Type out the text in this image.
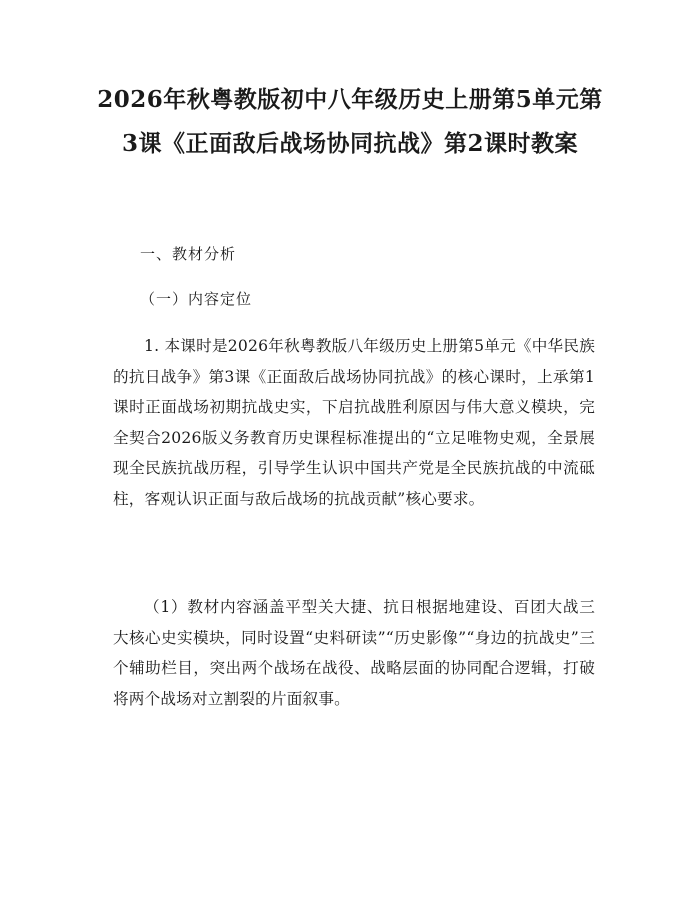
2026年秋粤教版初中八年级历史上册第5单元第3课《正面敌后战场协同抗战》第2课时教案

一、教材分析

（一）内容定位

1. 本课时是2026年秋粤教版八年级历史上册第5单元《中华民族的抗日战争》第3课《正面敌后战场协同抗战》的核心课时，上承第1课时正面战场初期抗战史实，下启抗战胜利原因与伟大意义模块，完全契合2026版义务教育历史课程标准提出的“立足唯物史观，全景展现全民族抗战历程，引导学生认识中国共产党是全民族抗战的中流砥柱，客观认识正面与敌后战场的抗战贡献”核心要求。

（1）教材内容涵盖平型关大捷、抗日根据地建设、百团大战三大核心史实模块，同时设置“史料研读”“历史影像”“身边的抗战史”三个辅助栏目，突出两个战场在战役、战略层面的协同配合逻辑，打破将两个战场对立割裂的片面叙事。
